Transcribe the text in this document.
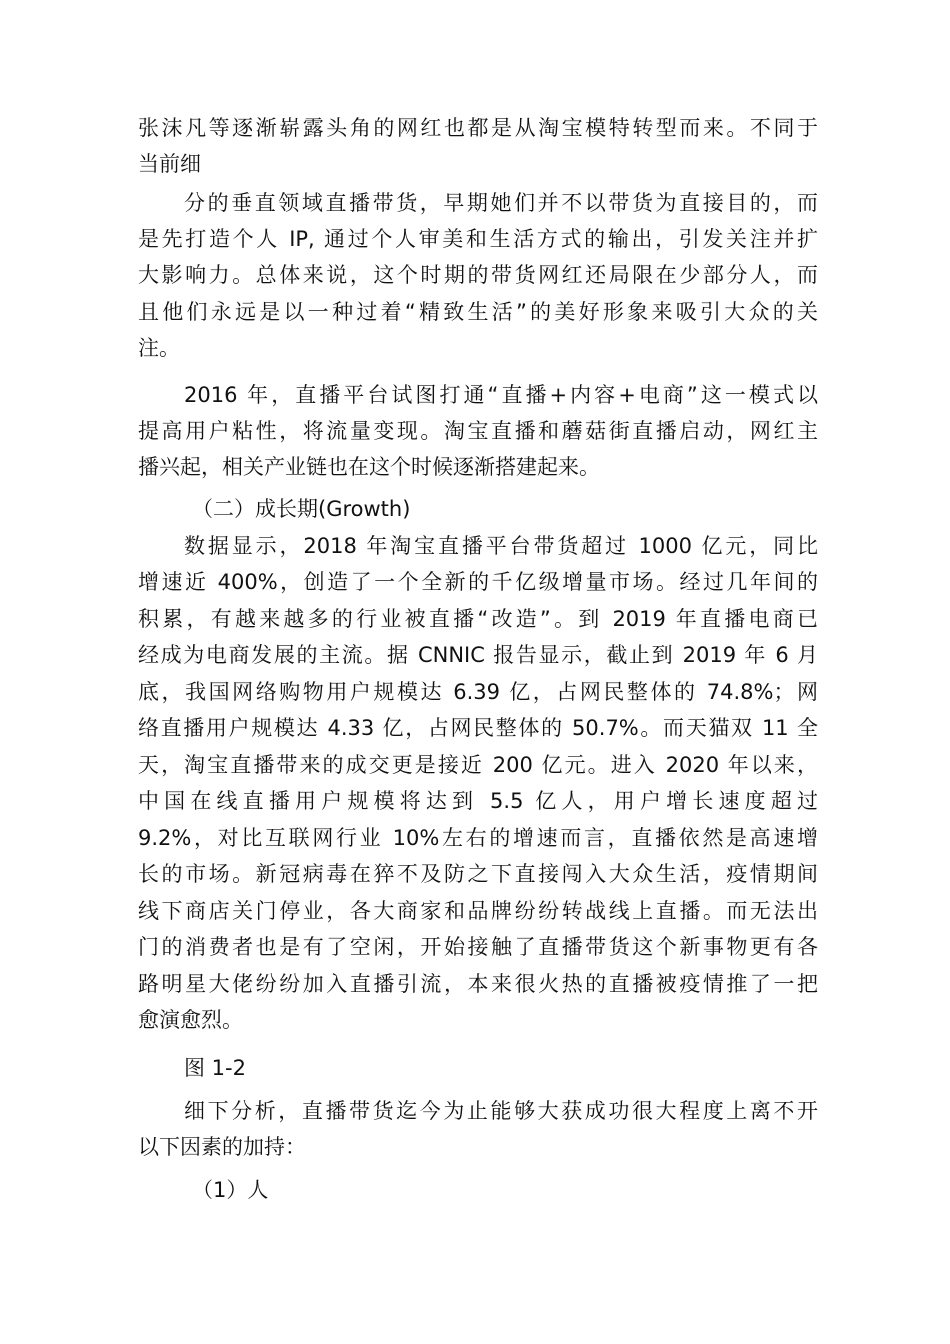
张沫凡等逐渐崭露头角的网红也都是从淘宝模特转型而来。不同于
当前细
分的垂直领域直播带货，早期她们并不以带货为直接目的，而
是先打造个人 IP, 通过个人审美和生活方式的输出，引发关注并扩
大影响力。总体来说，这个时期的带货网红还局限在少部分人，而
且他们永远是以一种过着“精致生活”的美好形象来吸引大众的关
注。
2016 年，直播平台试图打通“直播+内容+电商”这一模式以
提高用户粘性，将流量变现。淘宝直播和蘑菇街直播启动，网红主
播兴起，相关产业链也在这个时候逐渐搭建起来。
（二）成长期(Growth)
数据显示，2018 年淘宝直播平台带货超过 1000 亿元，同比
增速近 400%，创造了一个全新的千亿级增量市场。经过几年间的
积累，有越来越多的行业被直播“改造”。到 2019 年直播电商已
经成为电商发展的主流。据 CNNIC 报告显示，截止到 2019 年 6 月
底，我国网络购物用户规模达 6.39 亿，占网民整体的 74.8%；网
络直播用户规模达 4.33 亿，占网民整体的 50.7%。而天猫双 11 全
天，淘宝直播带来的成交更是接近 200 亿元。进入 2020 年以来，
中国在线直播用户规模将达到 5.5 亿人，用户增长速度超过
9.2%，对比互联网行业 10%左右的增速而言，直播依然是高速增
长的市场。新冠病毒在猝不及防之下直接闯入大众生活，疫情期间
线下商店关门停业，各大商家和品牌纷纷转战线上直播。而无法出
门的消费者也是有了空闲，开始接触了直播带货这个新事物更有各
路明星大佬纷纷加入直播引流，本来很火热的直播被疫情推了一把
愈演愈烈。
图 1-2
细下分析，直播带货迄今为止能够大获成功很大程度上离不开
以下因素的加持：
（1）人
